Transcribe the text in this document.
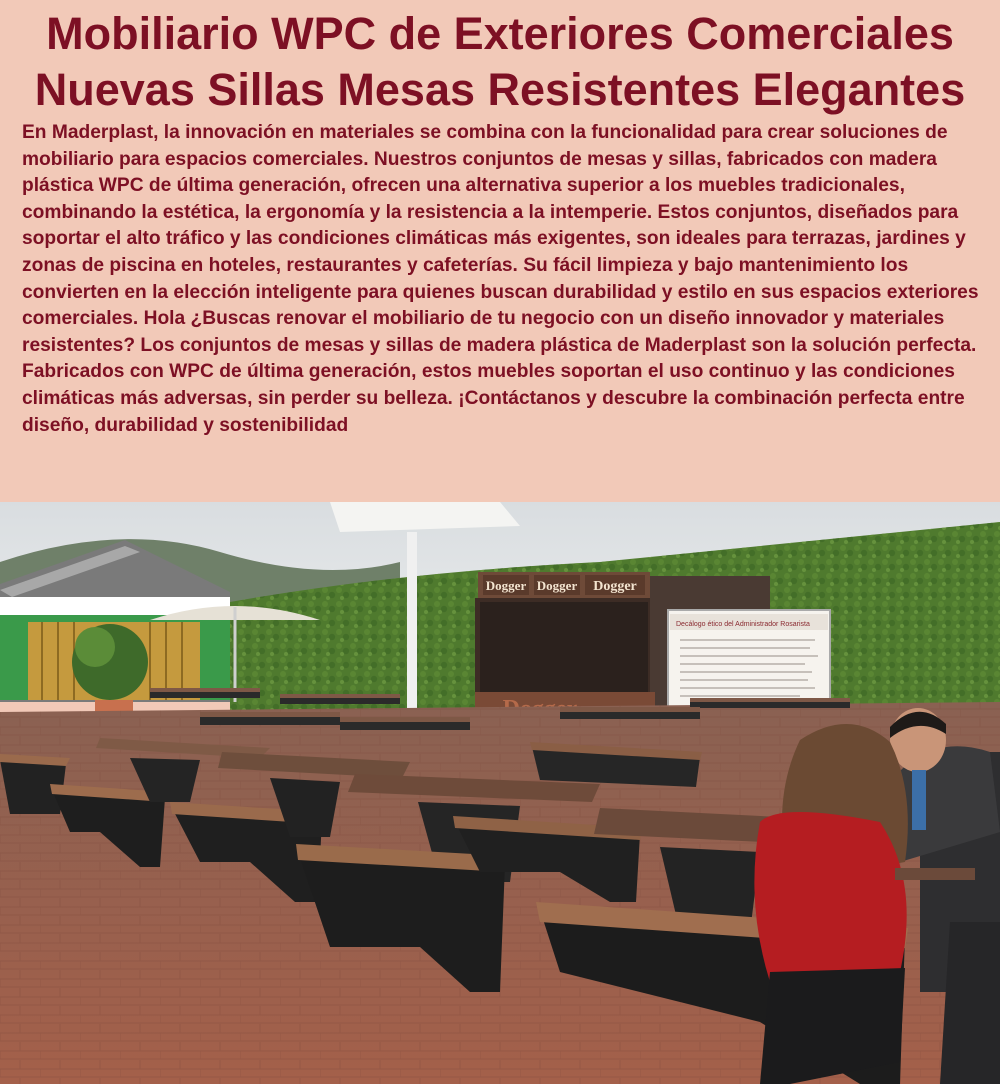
Mobiliario WPC de Exteriores Comerciales
Nuevas Sillas Mesas Resistentes Elegantes
En Maderplast, la innovación en materiales se combina con la funcionalidad para crear soluciones de mobiliario para espacios comerciales. Nuestros conjuntos de mesas y sillas, fabricados con madera plástica WPC de última generación, ofrecen una alternativa superior a los muebles tradicionales, combinando la estética, la ergonomía y la resistencia a la intemperie. Estos conjuntos, diseñados para soportar el alto tráfico y las condiciones climáticas más exigentes, son ideales para terrazas, jardines y zonas de piscina en hoteles, restaurantes y cafeterías. Su fácil limpieza y bajo mantenimiento los convierten en la elección inteligente para quienes buscan durabilidad y estilo en sus espacios exteriores comerciales. Hola ¿Buscas renovar el mobiliario de tu negocio con un diseño innovador y materiales resistentes? Los conjuntos de mesas y sillas de madera plástica de Maderplast son la solución perfecta. Fabricados con WPC de última generación, estos muebles soportan el uso continuo y las condiciones climáticas más adversas, sin perder su belleza. ¡Contáctanos y descubre la combinación perfecta entre diseño, durabilidad y sostenibilidad
Dogger Dogger Dogger
Decálogo ético del Administrador Rosarista
